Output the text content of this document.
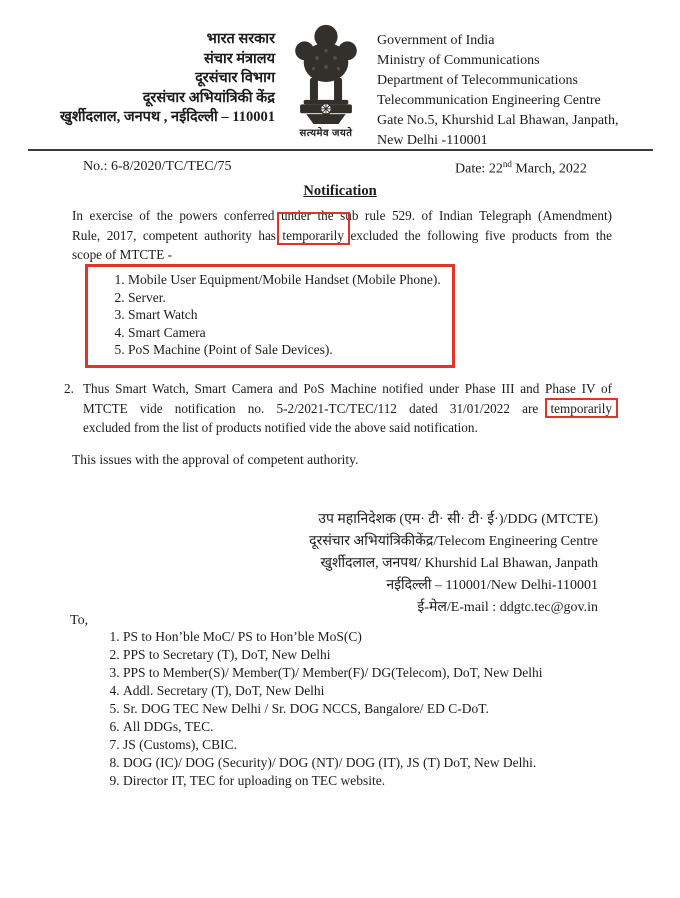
भारत सरकार
संचार मंत्रालय
दूरसंचार विभाग
दूरसंचार अभियांत्रिकी केंद्र
खुर्शीदलाल, जनपथ , नईदिल्ली – 110001
सत्यमेव जयते
Government of India
Ministry of Communications
Department of Telecommunications
Telecommunication Engineering Centre
Gate No.5, Khurshid Lal Bhawan, Janpath,
New Delhi -110001
No.: 6-8/2020/TC/TEC/75	Date: 22nd March, 2022
Notification
In exercise of the powers conferred under the sub rule 529. of Indian Telegraph (Amendment)
Rule, 2017, competent authority has temporarily excluded the following five products from the
scope of MTCTE -
1. Mobile User Equipment/Mobile Handset (Mobile Phone).
2. Server.
3. Smart Watch
4. Smart Camera
5. PoS Machine (Point of Sale Devices).
2. Thus Smart Watch, Smart Camera and PoS Machine notified under Phase III and Phase IV of
MTCTE vide notification no. 5-2/2021-TC/TEC/112 dated 31/01/2022 are temporarily
excluded from the list of products notified vide the above said notification.
This issues with the approval of competent authority.
उप महानिदेशक (एम· टी· सी· टी· ई·)/DDG (MTCTE)
दूरसंचार अभियांत्रिकीकेंद्र/Telecom Engineering Centre
खुर्शीदलाल, जनपथ/ Khurshid Lal Bhawan, Janpath
नईदिल्ली – 110001/New Delhi-110001
ई-मेल/E-mail : ddgtc.tec@gov.in
To,
1. PS to Hon’ble MoC/ PS to Hon’ble MoS(C)
2. PPS to Secretary (T), DoT, New Delhi
3. PPS to Member(S)/ Member(T)/ Member(F)/ DG(Telecom), DoT, New Delhi
4. Addl. Secretary (T), DoT, New Delhi
5. Sr. DOG TEC New Delhi / Sr. DOG NCCS, Bangalore/ ED C-DoT.
6. All DDGs, TEC.
7. JS (Customs), CBIC.
8. DOG (IC)/ DOG (Security)/ DOG (NT)/ DOG (IT), JS (T) DoT, New Delhi.
9. Director IT, TEC for uploading on TEC website.
